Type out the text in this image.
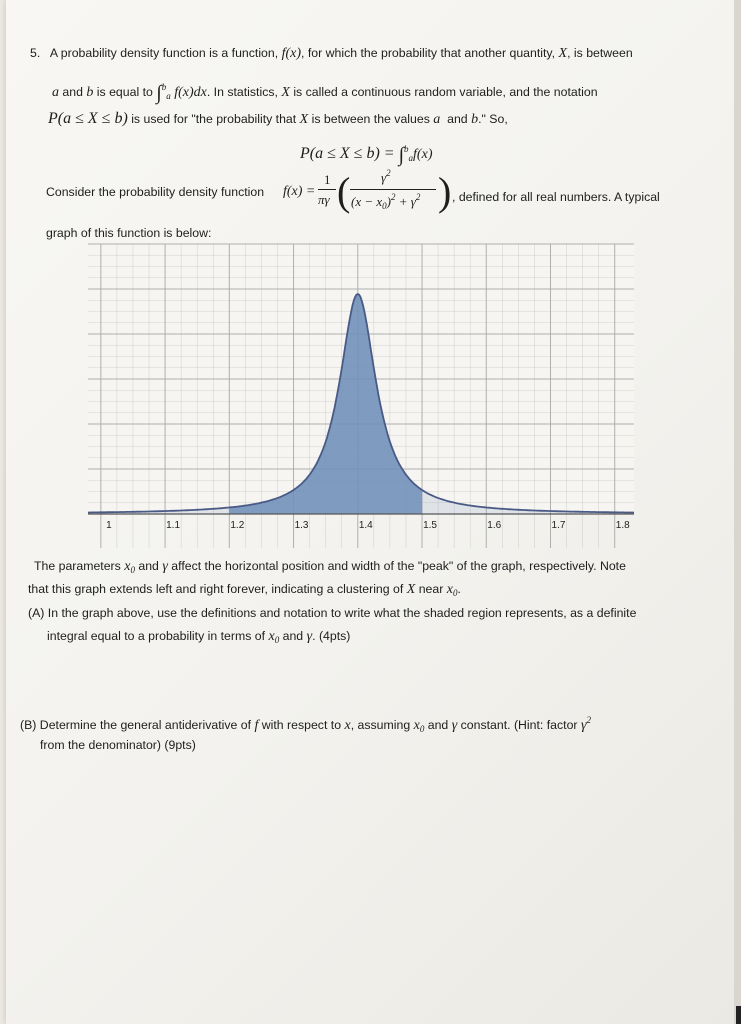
5. A probability density function is a function, f(x), for which the probability that another quantity, X, is between
a and b is equal to ∫$^b_a$ f(x)dx. In statistics, X is called a continuous random variable, and the notation
P(a ≤ X ≤ b) is used for "the probability that X is between the values a and b." So,
P(a ≤ X ≤ b) = ∫$^b_a$f(x)
Consider the probability density function f(x) =
1
πγ ( $\gamma^2$
$(x - x_0)^2 + \gamma^2$ ) , defined for all real numbers. A typical
graph of this function is below:
1	1.1	1.2	1.3	1.4	1.5	1.6	1.7	1.8
The parameters $x_0$ and γ affect the horizontal position and width of the "peak" of the graph, respectively. Note
that this graph extends left and right forever, indicating a clustering of X near $x_0$.
(A) In the graph above, use the definitions and notation to write what the shaded region represents, as a definite
integral equal to a probability in terms of $x_0$ and γ. (4pts)
(B) Determine the general antiderivative of f with respect to x, assuming $x_0$ and γ constant. (Hint: factor $\gamma^2$
from the denominator) (9pts)
